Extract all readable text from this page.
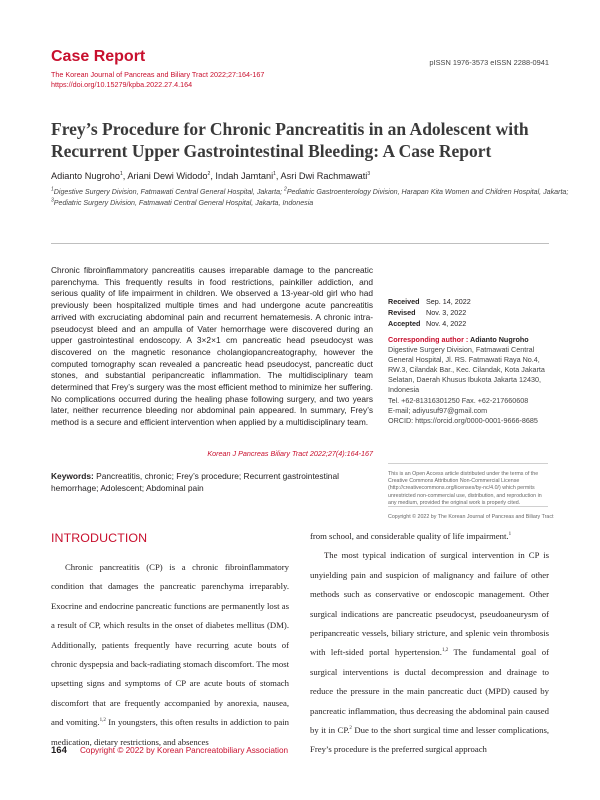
Case Report
The Korean Journal of Pancreas and Biliary Tract 2022;27:164-167
https://doi.org/10.15279/kpba.2022.27.4.164
pISSN 1976-3573 eISSN 2288-0941
Frey’s Procedure for Chronic Pancreatitis in an Adolescent with
Recurrent Upper Gastrointestinal Bleeding: A Case Report
Adianto Nugroho$^1$, Ariani Dewi Widodo$^2$, Indah Jamtani$^1$, Asri Dwi Rachmawati$^3$
$^1$Digestive Surgery Division, Fatmawati Central General Hospital, Jakarta; $^2$Pediatric Gastroenterology Division, Harapan Kita Women and Children Hospital, Jakarta; $^3$Pediatric Surgery Division, Fatmawati Central General Hospital, Jakarta, Indonesia
Chronic fibroinflammatory pancreatitis causes irreparable damage to the pancreatic parenchyma. This frequently results in food restrictions, painkiller addiction, and serious quality of life impairment in children. We observed a 13-year-old girl who had previously been hospitalized multiple times and had undergone acute pancreatitis arrived with excruciating abdominal pain and recurrent hematemesis. A chronic intra-pseudocyst bleed and an ampulla of Vater hemorrhage were discovered during an upper gastrointestinal endoscopy. A 3×2×1 cm pancreatic head pseudocyst was discovered on the magnetic resonance cholangiopancreatography, however the computed tomography scan revealed a pancreatic head pseudocyst, pancreatic duct stones, and substantial peripancreatic inflammation. The multidisciplinary team determined that Frey’s surgery was the most efficient method to minimize her suffering. No complications occurred during the healing phase following surgery, and two years later, neither recurrence bleeding nor abdominal pain appeared. In summary, Frey’s method is a secure and efficient intervention when applied by a multidisciplinary team.
Korean J Pancreas Biliary Tract 2022;27(4):164-167
Keywords: Pancreatitis, chronic; Frey’s procedure; Recurrent gastrointestinal hemorrhage; Adolescent; Abdominal pain
Received	Sep. 14, 2022
Revised	Nov. 3, 2022
Accepted	Nov. 4, 2022
Corresponding author : Adianto Nugroho
Digestive Surgery Division, Fatmawati Central General Hospital, Jl. RS. Fatmawati Raya No.4, RW.3, Cilandak Bar., Kec. Cilandak, Kota Jakarta Selatan, Daerah Khusus Ibukota Jakarta 12430, Indonesia
Tel. +62-81316301250 Fax. +62-217660608
E-mail; adiyusuf97@gmail.com
ORCID: https://orcid.org/0000-0001-9666-8685
This is an Open Access article distributed under the terms of the Creative Commons Attribution Non-Commercial License (http://creativecommons.org/licenses/by-nc/4.0/) which permits unrestricted non-commercial use, distribution, and reproduction in any medium, provided the original work is properly cited.
Copyright © 2022 by The Korean Journal of Pancreas and Biliary Tract
INTRODUCTION

Chronic pancreatitis (CP) is a chronic fibroinflammatory condition that damages the pancreatic parenchyma irreparably. Exocrine and endocrine pancreatic functions are permanently lost as a result of CP, which results in the onset of diabetes mellitus (DM). Additionally, patients frequently have recurring acute bouts of chronic dyspepsia and back-radiating stomach discomfort. The most upsetting signs and symptoms of CP are acute bouts of stomach discomfort that are frequently accompanied by anorexia, nausea, and vomiting.$^{1,2}$ In youngsters, this often results in addiction to pain medication, dietary restrictions, and absences

from school, and considerable quality of life impairment.$^1$

The most typical indication of surgical intervention in CP is unyielding pain and suspicion of malignancy and failure of other methods such as conservative or endoscopic management. Other surgical indications are pancreatic pseudocyst, pseudoaneurysm of peripancreatic vessels, biliary stricture, and splenic vein thrombosis with left-sided portal hypertension.$^{1,2}$ The fundamental goal of surgical interventions is ductal decompression and drainage to reduce the pressure in the main pancreatic duct (MPD) caused by pancreatic inflammation, thus decreasing the abdominal pain caused by it in CP.$^2$ Due to the short surgical time and lesser complications, Frey’s procedure is the preferred surgical approach

164 Copyright © 2022 by Korean Pancreatobiliary Association
